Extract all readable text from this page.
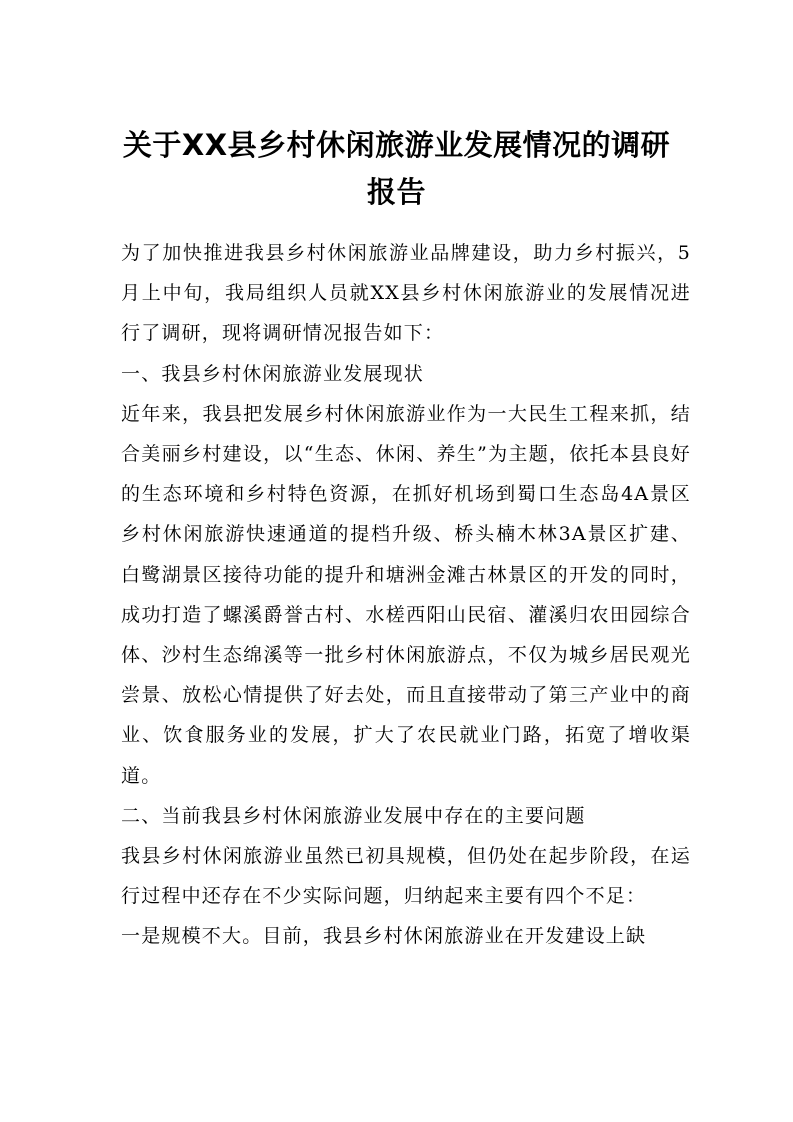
关于XX县乡村休闲旅游业发展情况的调研
报告

为了加快推进我县乡村休闲旅游业品牌建设，助力乡村振兴，5月上中旬，我局组织人员就XX县乡村休闲旅游业的发展情况进行了调研，现将调研情况报告如下：

一、我县乡村休闲旅游业发展现状

近年来，我县把发展乡村休闲旅游业作为一大民生工程来抓，结合美丽乡村建设，以“生态、休闲、养生”为主题，依托本县良好的生态环境和乡村特色资源，在抓好机场到蜀口生态岛4A景区乡村休闲旅游快速通道的提档升级、桥头楠木林3A景区扩建、白鹭湖景区接待功能的提升和塘洲金滩古林景区的开发的同时，成功打造了螺溪爵誉古村、水槎西阳山民宿、灌溪归农田园综合体、沙村生态绵溪等一批乡村休闲旅游点，不仅为城乡居民观光尝景、放松心情提供了好去处，而且直接带动了第三产业中的商业、饮食服务业的发展，扩大了农民就业门路，拓宽了增收渠道。

二、当前我县乡村休闲旅游业发展中存在的主要问题

我县乡村休闲旅游业虽然已初具规模，但仍处在起步阶段，在运行过程中还存在不少实际问题，归纳起来主要有四个不足：

一是规模不大。目前，我县乡村休闲旅游业在开发建设上缺
